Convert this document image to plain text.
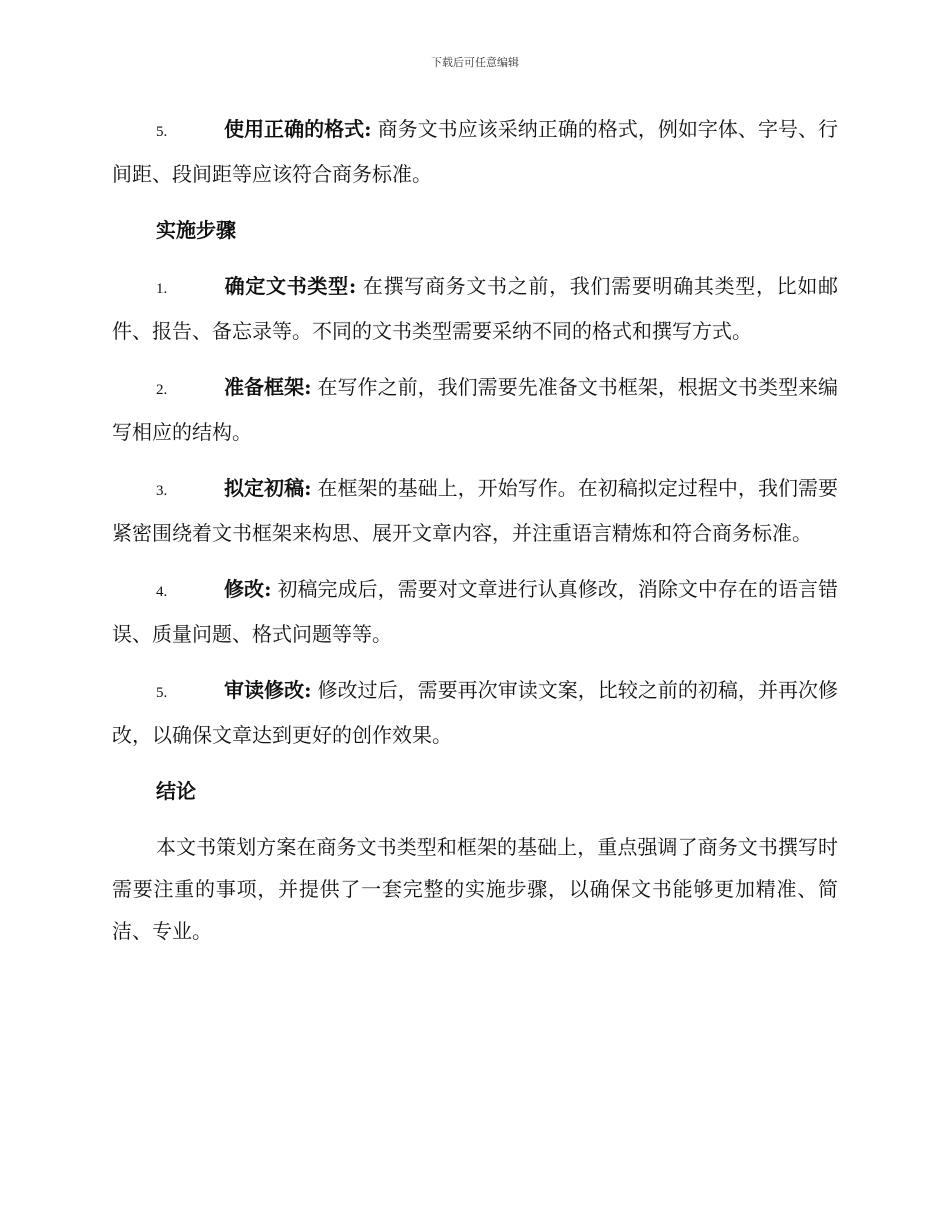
下载后可任意编辑

5.	使用正确的格式: 商务文书应该采纳正确的格式，例如字体、字号、行间距、段间距等应该符合商务标准。

实施步骤

1.	确定文书类型: 在撰写商务文书之前，我们需要明确其类型，比如邮件、报告、备忘录等。不同的文书类型需要采纳不同的格式和撰写方式。

2.	准备框架: 在写作之前，我们需要先准备文书框架，根据文书类型来编写相应的结构。

3.	拟定初稿: 在框架的基础上，开始写作。在初稿拟定过程中，我们需要紧密围绕着文书框架来构思、展开文章内容，并注重语言精炼和符合商务标准。

4.	修改: 初稿完成后，需要对文章进行认真修改，消除文中存在的语言错误、质量问题、格式问题等等。

5.	审读修改: 修改过后，需要再次审读文案，比较之前的初稿，并再次修改，以确保文章达到更好的创作效果。

结论

本文书策划方案在商务文书类型和框架的基础上，重点强调了商务文书撰写时需要注重的事项，并提供了一套完整的实施步骤，以确保文书能够更加精准、简洁、专业。
